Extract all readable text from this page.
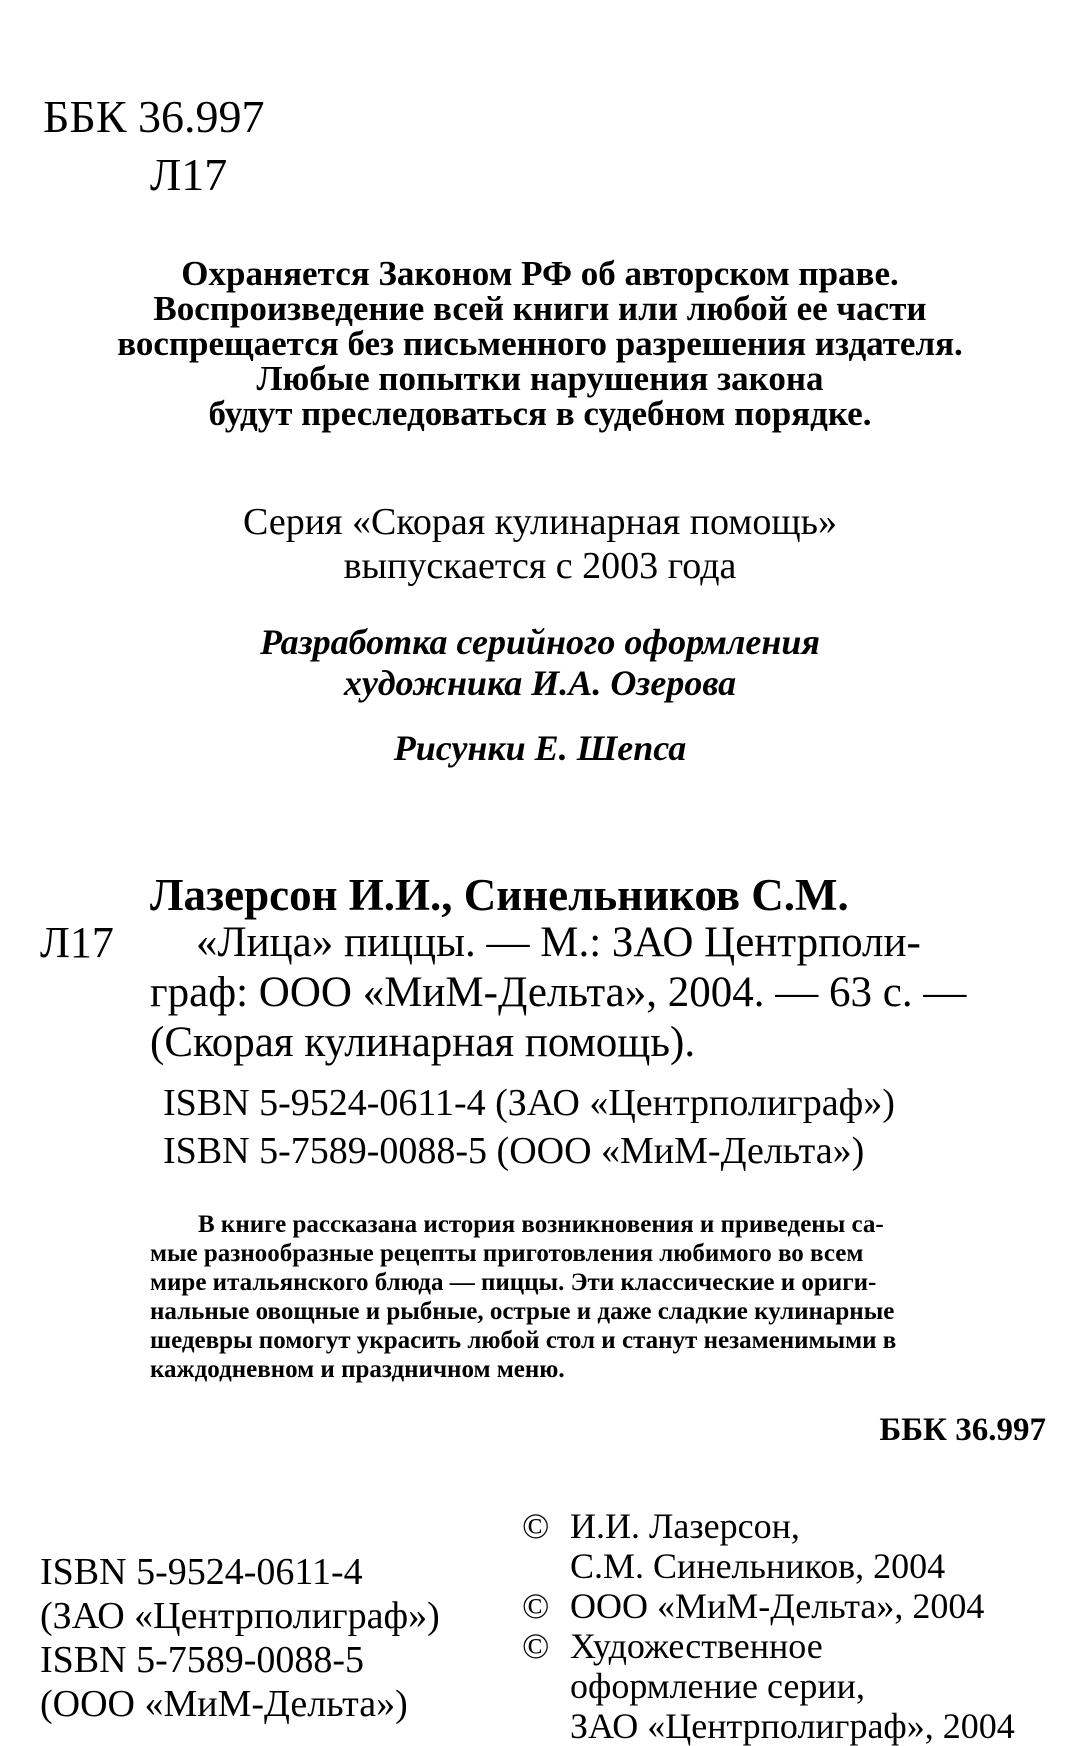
ББК 36.997
Л17
Охраняется Законом РФ об авторском праве.
Воспроизведение всей книги или любой ее части
воспрещается без письменного разрешения издателя.
Любые попытки нарушения закона
будут преследоваться в судебном порядке.
Серия «Скорая кулинарная помощь»
выпускается с 2003 года
Разработка серийного оформления
художника И.А. Озерова
Рисунки Е. Шепса
Лазерсон И.И., Синельников С.М.
Л17	«Лица» пиццы. — М.: ЗАО Центрполи-
граф: ООО «МиМ-Дельта», 2004. — 63 с. —
(Скорая кулинарная помощь).
ISBN 5-9524-0611-4 (ЗАО «Центрполиграф»)
ISBN 5-7589-0088-5 (ООО «МиМ-Дельта»)
В книге рассказана история возникновения и приведены са-
мые разнообразные рецепты приготовления любимого во всем
мире итальянского блюда — пиццы. Эти классические и ориги-
нальные овощные и рыбные, острые и даже сладкие кулинарные
шедевры помогут украсить любой стол и станут незаменимыми в
каждодневном и праздничном меню.
ББК 36.997
ISBN 5-9524-0611-4
(ЗАО «Центрполиграф»)
ISBN 5-7589-0088-5
(ООО «МиМ-Дельта»)
© И.И. Лазерсон,
С.М. Синельников, 2004
© ООО «МиМ-Дельта», 2004
© Художественное
оформление серии,
ЗАО «Центрполиграф», 2004
